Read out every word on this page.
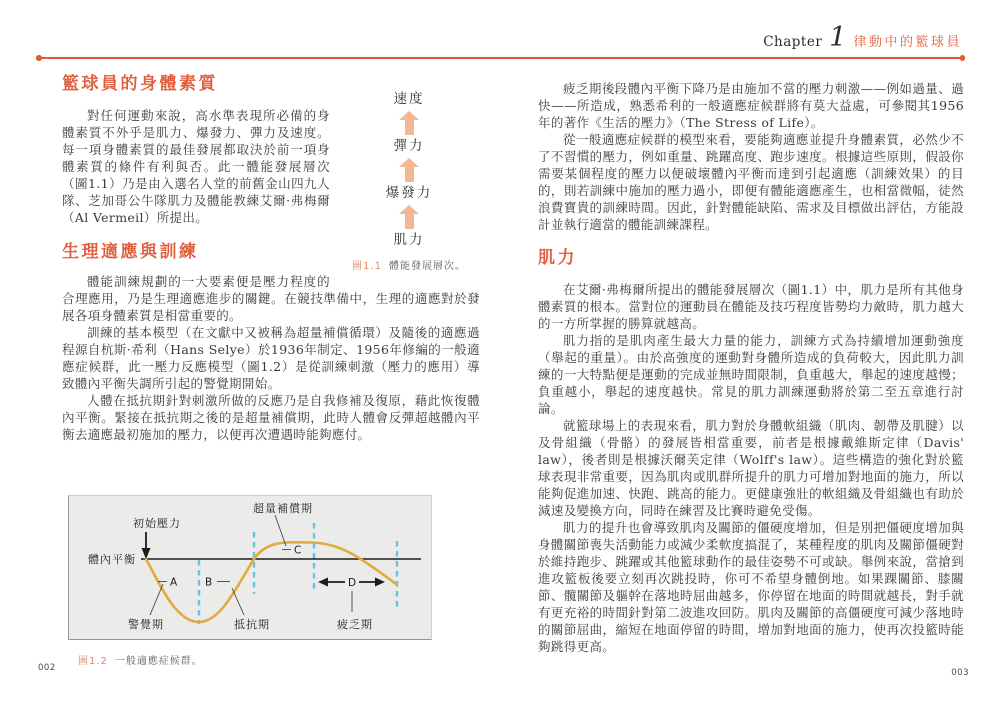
Chapter 1 律動中的籃球員
籃球員的身體素質
速度
彈力
爆發力
肌力
圖1.1 體能發展層次。

對任何運動來說，高水準表現所必備的身體素質不外乎是肌力、爆發力、彈力及速度。每一項身體素質的最佳發展都取決於前一項身體素質的條件有利與否。此一體能發展層次（圖1.1）乃是由入選名人堂的前舊金山四九人隊、芝加哥公牛隊肌力及體能教練艾爾·弗梅爾（Al Vermeil）所提出。

生理適應與訓練

體能訓練規劃的一大要素便是壓力程度的合理應用，乃是生理適應進步的關鍵。在競技準備中，生理的適應對於發展各項身體素質是相當重要的。

訓練的基本模型（在文獻中又被稱為超量補償循環）及隨後的適應過程源自杭斯·希利（Hans Selye）於1936年制定、1956年修編的一般適應症候群，此一壓力反應模型（圖1.2）是從訓練刺激（壓力的應用）導致體內平衡失調所引起的警覺期開始。

人體在抵抗期針對刺激所做的反應乃是自我修補及復原，藉此恢復體內平衡。緊接在抵抗期之後的是超量補償期，此時人體會反彈超越體內平衡去適應最初施加的壓力，以便再次遭遇時能夠應付。

初始壓力
體內平衡
超量補償期
C
A	B	D
警覺期	抵抗期	疲乏期
圖1.2 一般適應症候群。

疲乏期後段體內平衡下降乃是由施加不當的壓力刺激——例如過量、過快——所造成，熟悉希利的一般適應症候群將有莫大益處，可參閱其1956年的著作《生活的壓力》（The Stress of Life）。

從一般適應症候群的模型來看，要能夠適應並提升身體素質，必然少不了不習慣的壓力，例如重量、跳躍高度、跑步速度。根據這些原則，假設你需要某個程度的壓力以便破壞體內平衡而達到引起適應（訓練效果）的目的，則若訓練中施加的壓力過小，即便有體能適應產生，也相當微幅，徒然浪費寶貴的訓練時間。因此，針對體能缺陷、需求及目標做出評估，方能設計並執行適當的體能訓練課程。

肌力

在艾爾·弗梅爾所提出的體能發展層次（圖1.1）中，肌力是所有其他身體素質的根本。當對位的運動員在體能及技巧程度皆勢均力敵時，肌力越大的一方所掌握的勝算就越高。

肌力指的是肌肉產生最大力量的能力，訓練方式為持續增加運動強度（舉起的重量）。由於高強度的運動對身體所造成的負荷較大，因此肌力訓練的一大特點便是運動的完成並無時間限制，負重越大，舉起的速度越慢；負重越小，舉起的速度越快。常見的肌力訓練運動將於第二至五章進行討論。

就籃球場上的表現來看，肌力對於身體軟組織（肌肉、韌帶及肌腱）以及骨組織（骨骼）的發展皆相當重要，前者是根據戴維斯定律（Davis' law），後者則是根據沃爾芙定律（Wolff's law）。這些構造的強化對於籃球表現非常重要，因為肌肉或肌群所提升的肌力可增加對地面的施力，所以能夠促進加速、快跑、跳高的能力。更健康強壯的軟組織及骨組織也有助於減速及變換方向，同時在練習及比賽時避免受傷。

肌力的提升也會導致肌肉及關節的僵硬度增加，但是別把僵硬度增加與身體關節喪失活動能力或減少柔軟度搞混了，某種程度的肌肉及關節僵硬對於維持跑步、跳躍或其他籃球動作的最佳姿勢不可或缺。舉例來說，當搶到進攻籃板後要立刻再次跳投時，你可不希望身體倒地。如果踝關節、膝關節、髖關節及軀幹在落地時屈曲越多，你停留在地面的時間就越長，對手就有更充裕的時間針對第二波進攻回防。肌肉及關節的高僵硬度可減少落地時的關節屈曲，縮短在地面停留的時間，增加對地面的施力，使再次投籃時能夠跳得更高。

002	003
